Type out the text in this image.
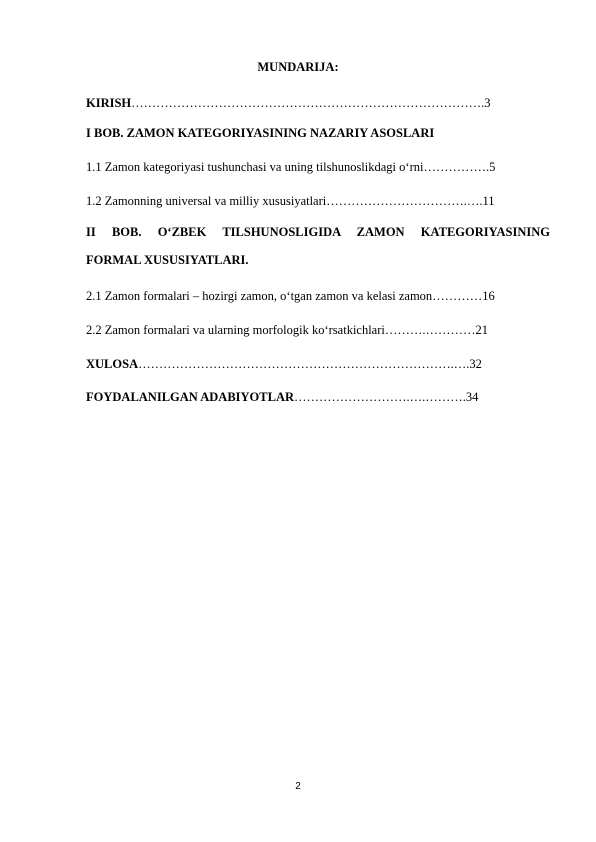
MUNDARIJA:
KIRISH………………………………………………………………………….3
I BOB. ZAMON KATEGORIYASINING NAZARIY ASOSLARI
1.1 Zamon kategoriyasi tushunchasi va uning tilshunoslikdagi o‘rni…………….5
1.2 Zamonning universal va milliy xususiyatlari…………………………….….11
II BOB. O‘ZBEK TILSHUNOSLIGIDA ZAMON KATEGORIYASINING
FORMAL XUSUSIYATLARI.
2.1 Zamon formalari – hozirgi zamon, o‘tgan zamon va kelasi zamon…………16
2.2 Zamon formalari va ularning morfologik ko‘rsatkichlari……….…………21
XULOSA………………………………………………………………….….32
FOYDALANILGAN ADABIYOTLAR……………………….….……….34
2
